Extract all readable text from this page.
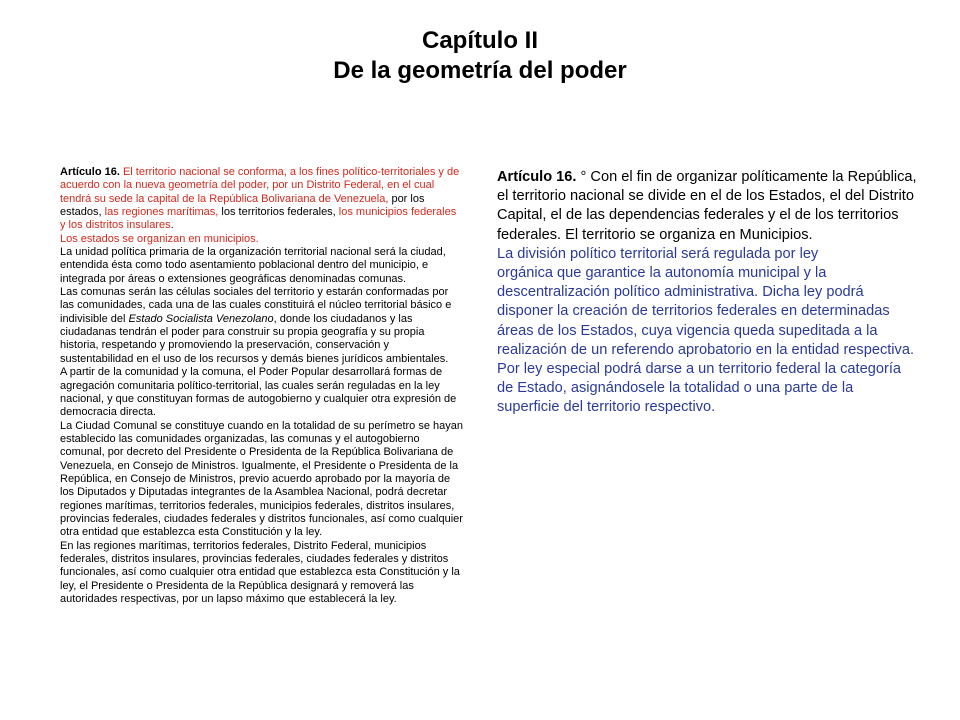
Capítulo II
De la geometría del poder

Artículo 16. El territorio nacional se conforma, a los fines político-territoriales y de acuerdo con la nueva geometría del poder, por un Distrito Federal, en el cual tendrá su sede la capital de la República Bolivariana de Venezuela, por los estados, las regiones marítimas, los territorios federales, los municipios federales y los distritos insulares.

Los estados se organizan en municipios.

La unidad política primaria de la organización territorial nacional será la ciudad, entendida ésta como todo asentamiento poblacional dentro del municipio, e integrada por áreas o extensiones geográficas denominadas comunas.

Las comunas serán las células sociales del territorio y estarán conformadas por las comunidades, cada una de las cuales constituirá el núcleo territorial básico e indivisible del Estado Socialista Venezolano, donde los ciudadanos y las ciudadanas tendrán el poder para construir su propia geografía y su propia historia, respetando y promoviendo la preservación, conservación y sustentabilidad en el uso de los recursos y demás bienes jurídicos ambientales.

A partir de la comunidad y la comuna, el Poder Popular desarrollará formas de agregación comunitaria político-territorial, las cuales serán reguladas en la ley nacional, y que constituyan formas de autogobierno y cualquier otra expresión de democracia directa.

La Ciudad Comunal se constituye cuando en la totalidad de su perímetro se hayan establecido las comunidades organizadas, las comunas y el autogobierno comunal, por decreto del Presidente o Presidenta de la República Bolivariana de Venezuela, en Consejo de Ministros. Igualmente, el Presidente o Presidenta de la República, en Consejo de Ministros, previo acuerdo aprobado por la mayoría de los Diputados y Diputadas integrantes de la Asamblea Nacional, podrá decretar regiones marítimas, territorios federales, municipios federales, distritos insulares, provincias federales, ciudades federales y distritos funcionales, así como cualquier otra entidad que establezca esta Constitución y la ley.

En las regiones marítimas, territorios federales, Distrito Federal, municipios federales, distritos insulares, provincias federales, ciudades federales y distritos funcionales, así como cualquier otra entidad que establezca esta Constitución y la ley, el Presidente o Presidenta de la República designará y removerá las autoridades respectivas, por un lapso máximo que establecerá la ley.

Artículo 16. ° Con el fin de organizar políticamente la República, el territorio nacional se divide en el de los Estados, el del Distrito Capital, el de las dependencias federales y el de los territorios federales. El territorio se organiza en Municipios.

La división político territorial será regulada por ley

orgánica que garantice la autonomía municipal y la descentralización político administrativa. Dicha ley podrá disponer la creación de territorios federales en determinadas áreas de los Estados, cuya vigencia queda supeditada a la realización de un referendo aprobatorio en la entidad respectiva. Por ley especial podrá darse a un territorio federal la categoría de Estado, asignándosele la totalidad o una parte de la superficie del territorio respectivo.
